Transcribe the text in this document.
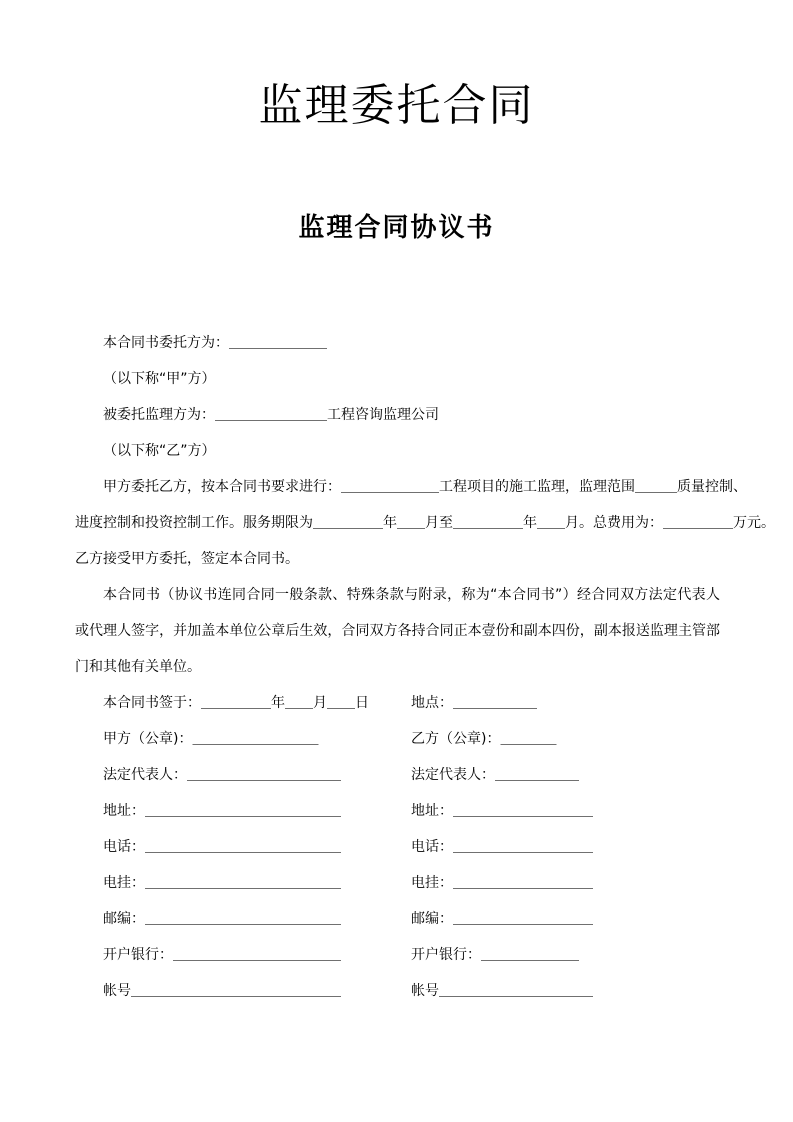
监理委托合同
监理合同协议书
本合同书委托方为：＿＿＿＿＿＿＿
（以下称“甲”方）
被委托监理方为：＿＿＿＿＿＿＿＿工程咨询监理公司
（以下称“乙”方）
甲方委托乙方，按本合同书要求进行：＿＿＿＿＿＿＿工程项目的施工监理，监理范围＿＿＿质量控制、
进度控制和投资控制工作。服务期限为＿＿＿＿＿年＿＿月至＿＿＿＿＿年＿＿月。总费用为：＿＿＿＿＿万元。
乙方接受甲方委托，签定本合同书。
本合同书（协议书连同合同一般条款、特殊条款与附录，称为“本合同书”）经合同双方法定代表人
或代理人签字，并加盖本单位公章后生效，合同双方各持合同正本壹份和副本四份，副本报送监理主管部
门和其他有关单位。
本合同书签于：＿＿＿＿＿年＿＿月＿＿日	地点：＿＿＿＿＿＿
甲方（公章)：＿＿＿＿＿＿＿＿＿	乙方（公章)：＿＿＿＿
法定代表人：＿＿＿＿＿＿＿＿＿＿＿	法定代表人：＿＿＿＿＿＿
地址：＿＿＿＿＿＿＿＿＿＿＿＿＿＿	地址：＿＿＿＿＿＿＿＿＿＿
电话：＿＿＿＿＿＿＿＿＿＿＿＿＿＿	电话：＿＿＿＿＿＿＿＿＿＿
电挂：＿＿＿＿＿＿＿＿＿＿＿＿＿＿	电挂：＿＿＿＿＿＿＿＿＿＿
邮编：＿＿＿＿＿＿＿＿＿＿＿＿＿＿	邮编：＿＿＿＿＿＿＿＿＿＿
开户银行：＿＿＿＿＿＿＿＿＿＿＿＿	开户银行：＿＿＿＿＿＿＿
帐号＿＿＿＿＿＿＿＿＿＿＿＿＿＿＿	帐号＿＿＿＿＿＿＿＿＿＿＿
